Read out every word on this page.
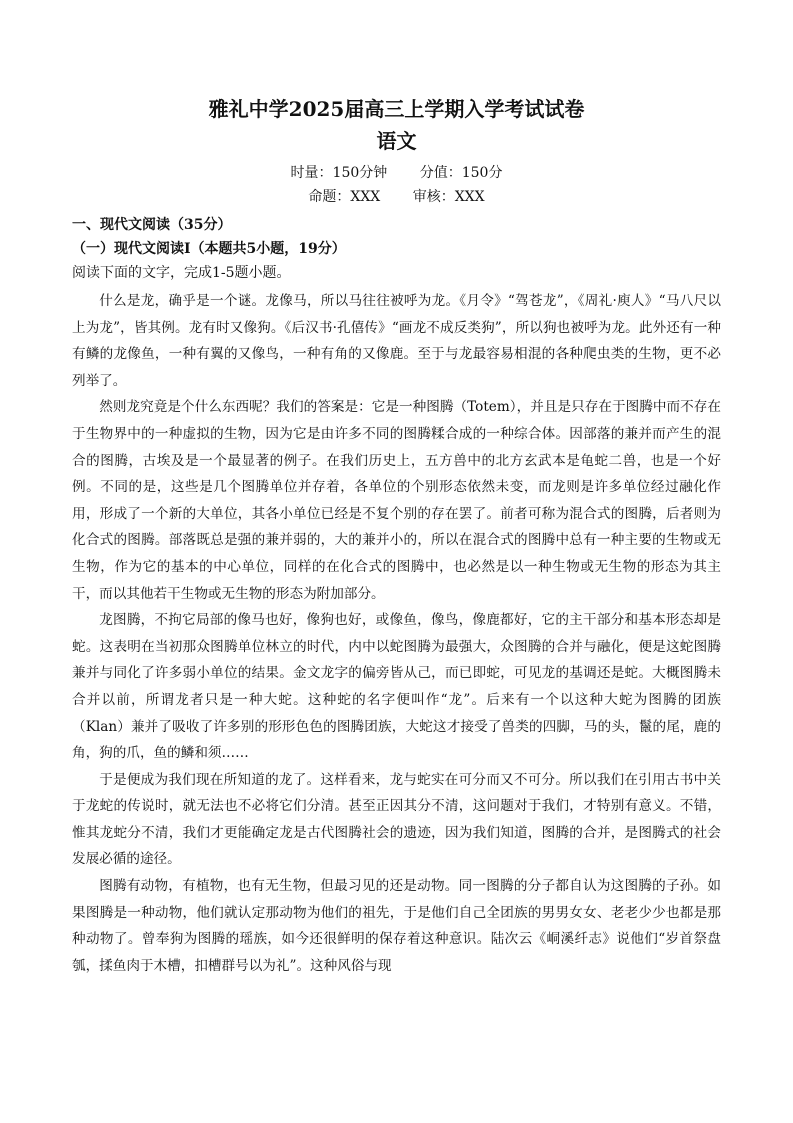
雅礼中学2025届高三上学期入学考试试卷
语文
时量：150分钟 分值：150分
命题：XXX 审核：XXX
一、现代文阅读（35分）
（一）现代文阅读Ⅰ（本题共5小题，19分）
阅读下面的文字，完成1-5题小题。

什么是龙，确乎是一个谜。龙像马，所以马往往被呼为龙。《月令》“驾苍龙”，《周礼·庾人》“马八尺以上为龙”，皆其例。龙有时又像狗。《后汉书·孔僖传》“画龙不成反类狗”，所以狗也被呼为龙。此外还有一种有鳞的龙像鱼，一种有翼的又像鸟，一种有角的又像鹿。至于与龙最容易相混的各种爬虫类的生物，更不必列举了。

然则龙究竟是个什么东西呢？我们的答案是：它是一种图腾（Totem），并且是只存在于图腾中而不存在于生物界中的一种虚拟的生物，因为它是由许多不同的图腾糅合成的一种综合体。因部落的兼并而产生的混合的图腾，古埃及是一个最显著的例子。在我们历史上，五方兽中的北方玄武本是龟蛇二兽，也是一个好例。不同的是，这些是几个图腾单位并存着，各单位的个别形态依然未变，而龙则是许多单位经过融化作用，形成了一个新的大单位，其各小单位已经是不复个别的存在罢了。前者可称为混合式的图腾，后者则为化合式的图腾。部落既总是强的兼并弱的，大的兼并小的，所以在混合式的图腾中总有一种主要的生物或无生物，作为它的基本的中心单位，同样的在化合式的图腾中，也必然是以一种生物或无生物的形态为其主干，而以其他若干生物或无生物的形态为附加部分。

龙图腾，不拘它局部的像马也好，像狗也好，或像鱼，像鸟，像鹿都好，它的主干部分和基本形态却是蛇。这表明在当初那众图腾单位林立的时代，内中以蛇图腾为最强大，众图腾的合并与融化，便是这蛇图腾兼并与同化了许多弱小单位的结果。金文龙字的偏旁皆从己，而已即蛇，可见龙的基调还是蛇。大概图腾未合并以前，所谓龙者只是一种大蛇。这种蛇的名字便叫作“龙”。后来有一个以这种大蛇为图腾的团族（Klan）兼并了吸收了许多别的形形色色的图腾团族，大蛇这才接受了兽类的四脚，马的头，鬣的尾，鹿的角，狗的爪，鱼的鳞和须……

于是便成为我们现在所知道的龙了。这样看来，龙与蛇实在可分而又不可分。所以我们在引用古书中关于龙蛇的传说时，就无法也不必将它们分清。甚至正因其分不清，这问题对于我们，才特别有意义。不错，惟其龙蛇分不清，我们才更能确定龙是古代图腾社会的遗迹，因为我们知道，图腾的合并，是图腾式的社会发展必循的途径。

图腾有动物，有植物，也有无生物，但最习见的还是动物。同一图腾的分子都自认为这图腾的子孙。如果图腾是一种动物，他们就认定那动物为他们的祖先，于是他们自己全团族的男男女女、老老少少也都是那种动物了。曾奉狗为图腾的瑶族，如今还很鲜明的保存着这种意识。陆次云《峒溪纤志》说他们“岁首祭盘瓠，揉鱼肉于木槽，扣槽群号以为礼”。这种风俗与现
